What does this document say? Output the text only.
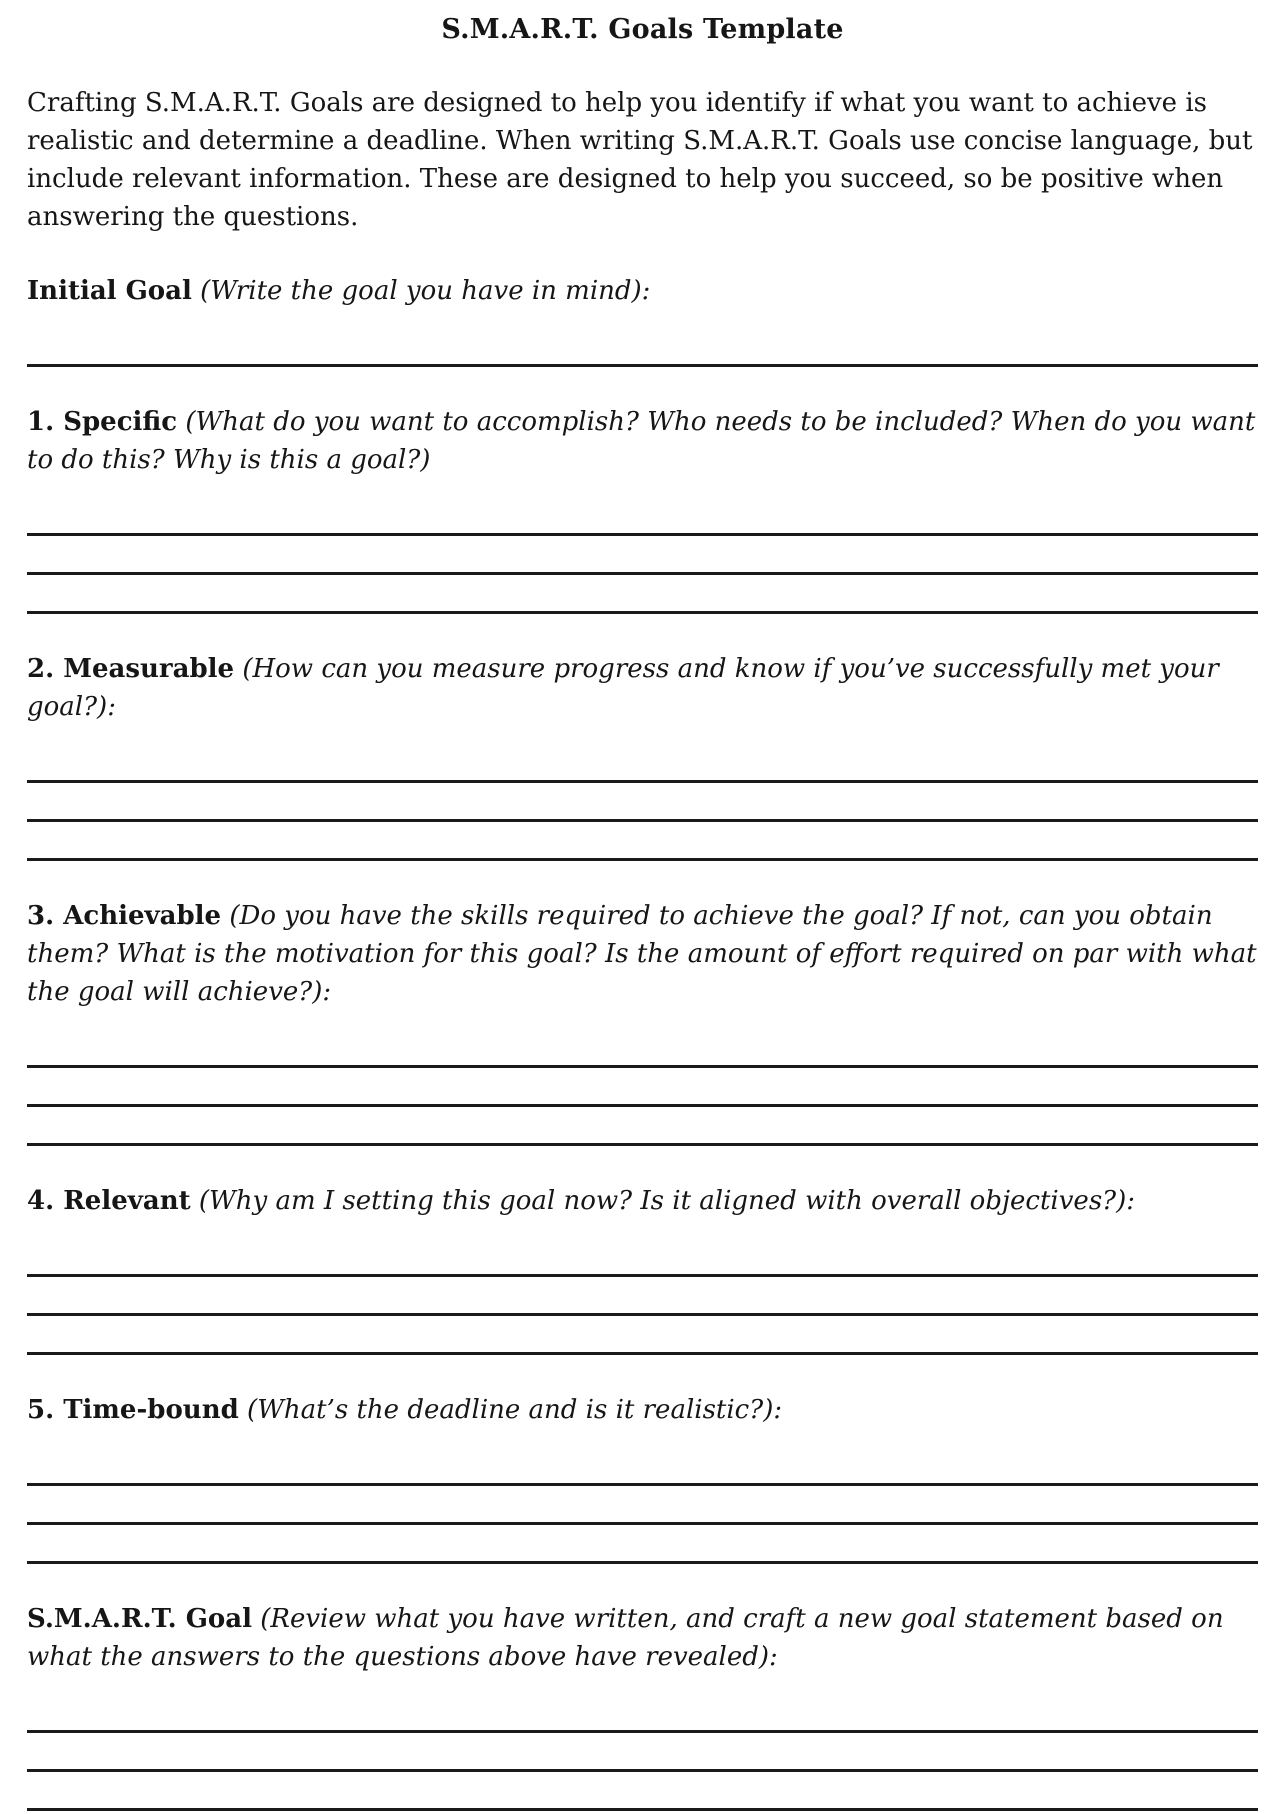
S.M.A.R.T. Goals Template

Crafting S.M.A.R.T. Goals are designed to help you identify if what you want to achieve is realistic and determine a deadline. When writing S.M.A.R.T. Goals use concise language, but include relevant information. These are designed to help you succeed, so be positive when answering the questions.

Initial Goal (Write the goal you have in mind):
1. Specific (What do you want to accomplish? Who needs to be included? When do you want to do this? Why is this a goal?)
2. Measurable (How can you measure progress and know if you’ve successfully met your goal?):
3. Achievable (Do you have the skills required to achieve the goal? If not, can you obtain them? What is the motivation for this goal? Is the amount of effort required on par with what the goal will achieve?):
4. Relevant (Why am I setting this goal now? Is it aligned with overall objectives?):
5. Time-bound (What’s the deadline and is it realistic?):
S.M.A.R.T. Goal (Review what you have written, and craft a new goal statement based on what the answers to the questions above have revealed):
